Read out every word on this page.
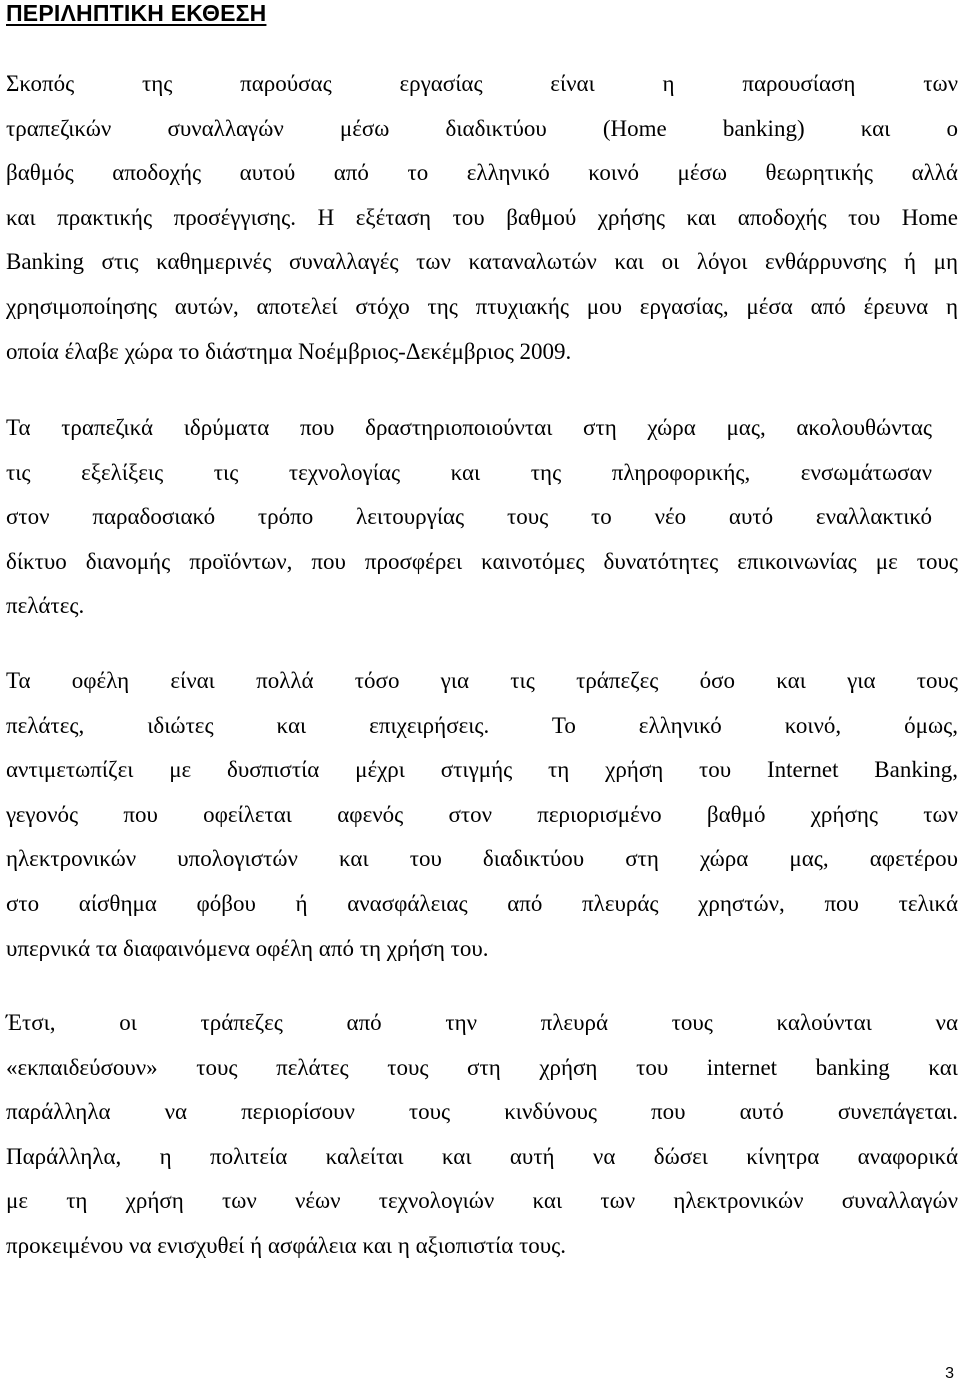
ΠΕΡΙΛΗΠΤΙΚΗ ΕΚΘΕΣΗ

Σκοπός της παρούσας εργασίας είναι η παρουσίαση των
τραπεζικών συναλλαγών μέσω διαδικτύου (Home banking) και ο
βαθμός αποδοχής αυτού από το ελληνικό κοινό μέσω θεωρητικής αλλά
και πρακτικής προσέγγισης. Η εξέταση του βαθμού χρήσης και αποδοχής του Home
Banking στις καθημερινές συναλλαγές των καταναλωτών και οι λόγοι ενθάρρυνσης ή μη
χρησιμοποίησης αυτών, αποτελεί στόχο της πτυχιακής μου εργασίας, μέσα από έρευνα η
οποία έλαβε χώρα το διάστημα Νοέμβριος-Δεκέμβριος 2009.

Τα τραπεζικά ιδρύματα που δραστηριοποιούνται στη χώρα μας, ακολουθώντας
τις εξελίξεις τις τεχνολογίας και της πληροφορικής, ενσωμάτωσαν
στον παραδοσιακό τρόπο λειτουργίας τους το νέο αυτό εναλλακτικό
δίκτυο διανομής προϊόντων, που προσφέρει καινοτόμες δυνατότητες επικοινωνίας με τους
πελάτες.

Τα οφέλη είναι πολλά τόσο για τις τράπεζες όσο και για τους
πελάτες, ιδιώτες και επιχειρήσεις. Το ελληνικό κοινό, όμως,
αντιμετωπίζει με δυσπιστία μέχρι στιγμής τη χρήση του Internet Banking,
γεγονός που οφείλεται αφενός στον περιορισμένο βαθμό χρήσης των
ηλεκτρονικών υπολογιστών και του διαδικτύου στη χώρα μας, αφετέρου
στο αίσθημα φόβου ή ανασφάλειας από πλευράς χρηστών, που τελικά
υπερνικά τα διαφαινόμενα οφέλη από τη χρήση του.

Έτσι, οι τράπεζες από την πλευρά τους καλούνται να
«εκπαιδεύσουν» τους πελάτες τους στη χρήση του internet banking και
παράλληλα να περιορίσουν τους κινδύνους που αυτό συνεπάγεται.
Παράλληλα, η πολιτεία καλείται και αυτή να δώσει κίνητρα αναφορικά
με τη χρήση των νέων τεχνολογιών και των ηλεκτρονικών συναλλαγών
προκειμένου να ενισχυθεί ή ασφάλεια και η αξιοπιστία τους.

3
